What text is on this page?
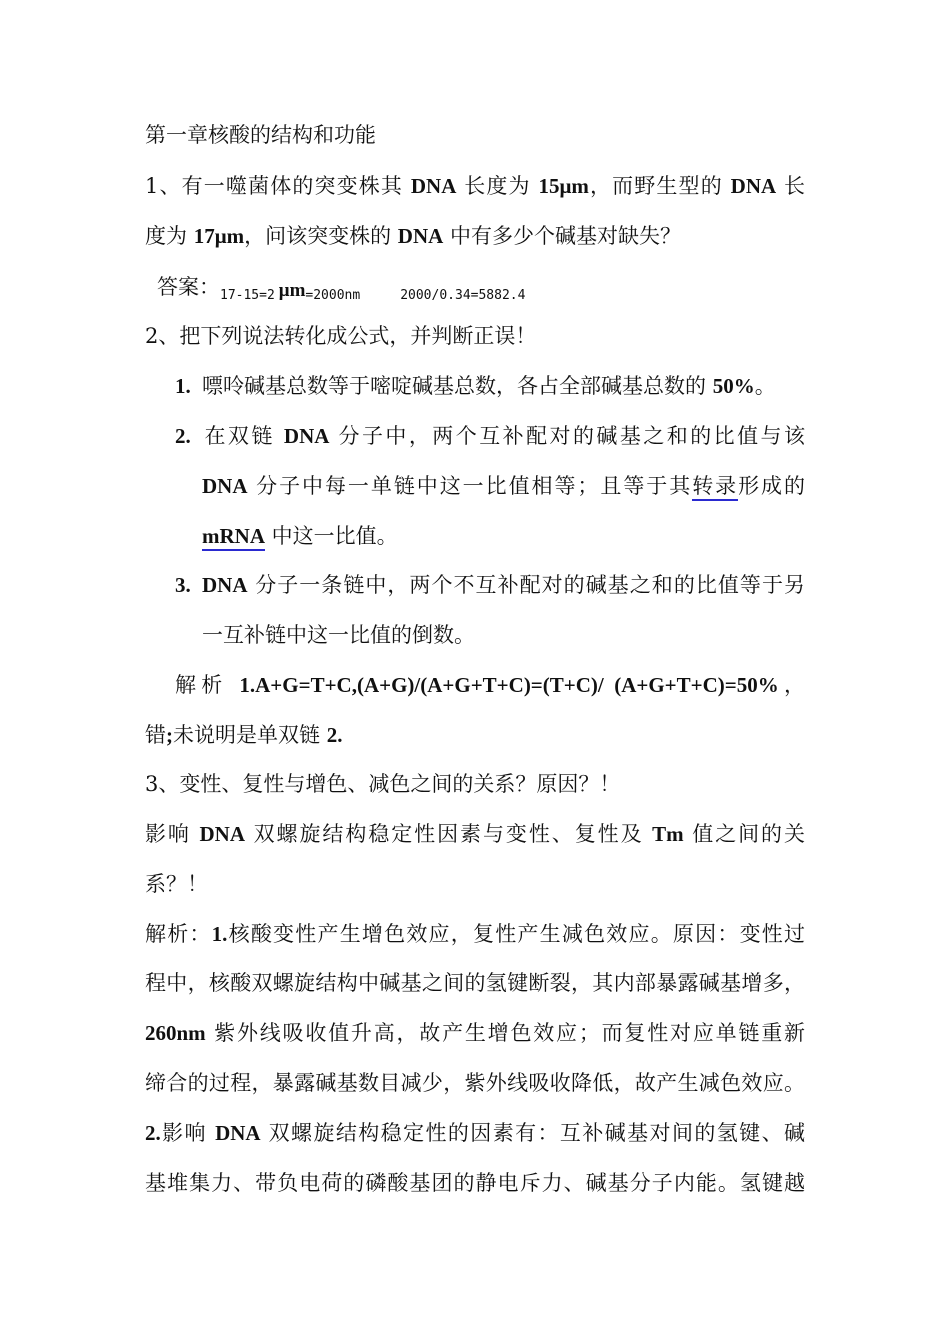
第一章核酸的结构和功能
1、有一噬菌体的突变株其 DNA 长度为 15μm，而野生型的 DNA 长
度为 17μm，问该突变株的 DNA 中有多少个碱基对缺失？
答案：$_{17-15=2}$ $\mu m_{=2000nm}$	$_{2000/0.34=5882.4}$
2、把下列说法转化成公式，并判断正误！
1. 嘌呤碱基总数等于嘧啶碱基总数，各占全部碱基总数的 50%。
2. 在双链 DNA 分子中，两个互补配对的碱基之和的比值与该
DNA 分子中每一单链中这一比值相等；且等于其转录形成的
mRNA 中这一比值。
3. DNA 分子一条链中，两个不互补配对的碱基之和的比值等于另
一互补链中这一比值的倒数。
解析 1.A+G=T+C,(A+G)/(A+G+T+C)=(T+C)/ (A+G+T+C)=50%，
错;未说明是单双链 2.
3、变性、复性与增色、减色之间的关系？原因？！
影响 DNA 双螺旋结构稳定性因素与变性、复性及 Tm 值之间的关
系？！
解析：1.核酸变性产生增色效应，复性产生减色效应。原因：变性过
程中，核酸双螺旋结构中碱基之间的氢键断裂，其内部暴露碱基增多，
260nm 紫外线吸收值升高，故产生增色效应；而复性对应单链重新
缔合的过程，暴露碱基数目减少，紫外线吸收降低，故产生减色效应。
2.影响 DNA 双螺旋结构稳定性的因素有：互补碱基对间的氢键、碱
基堆集力、带负电荷的磷酸基团的静电斥力、碱基分子内能。氢键越
